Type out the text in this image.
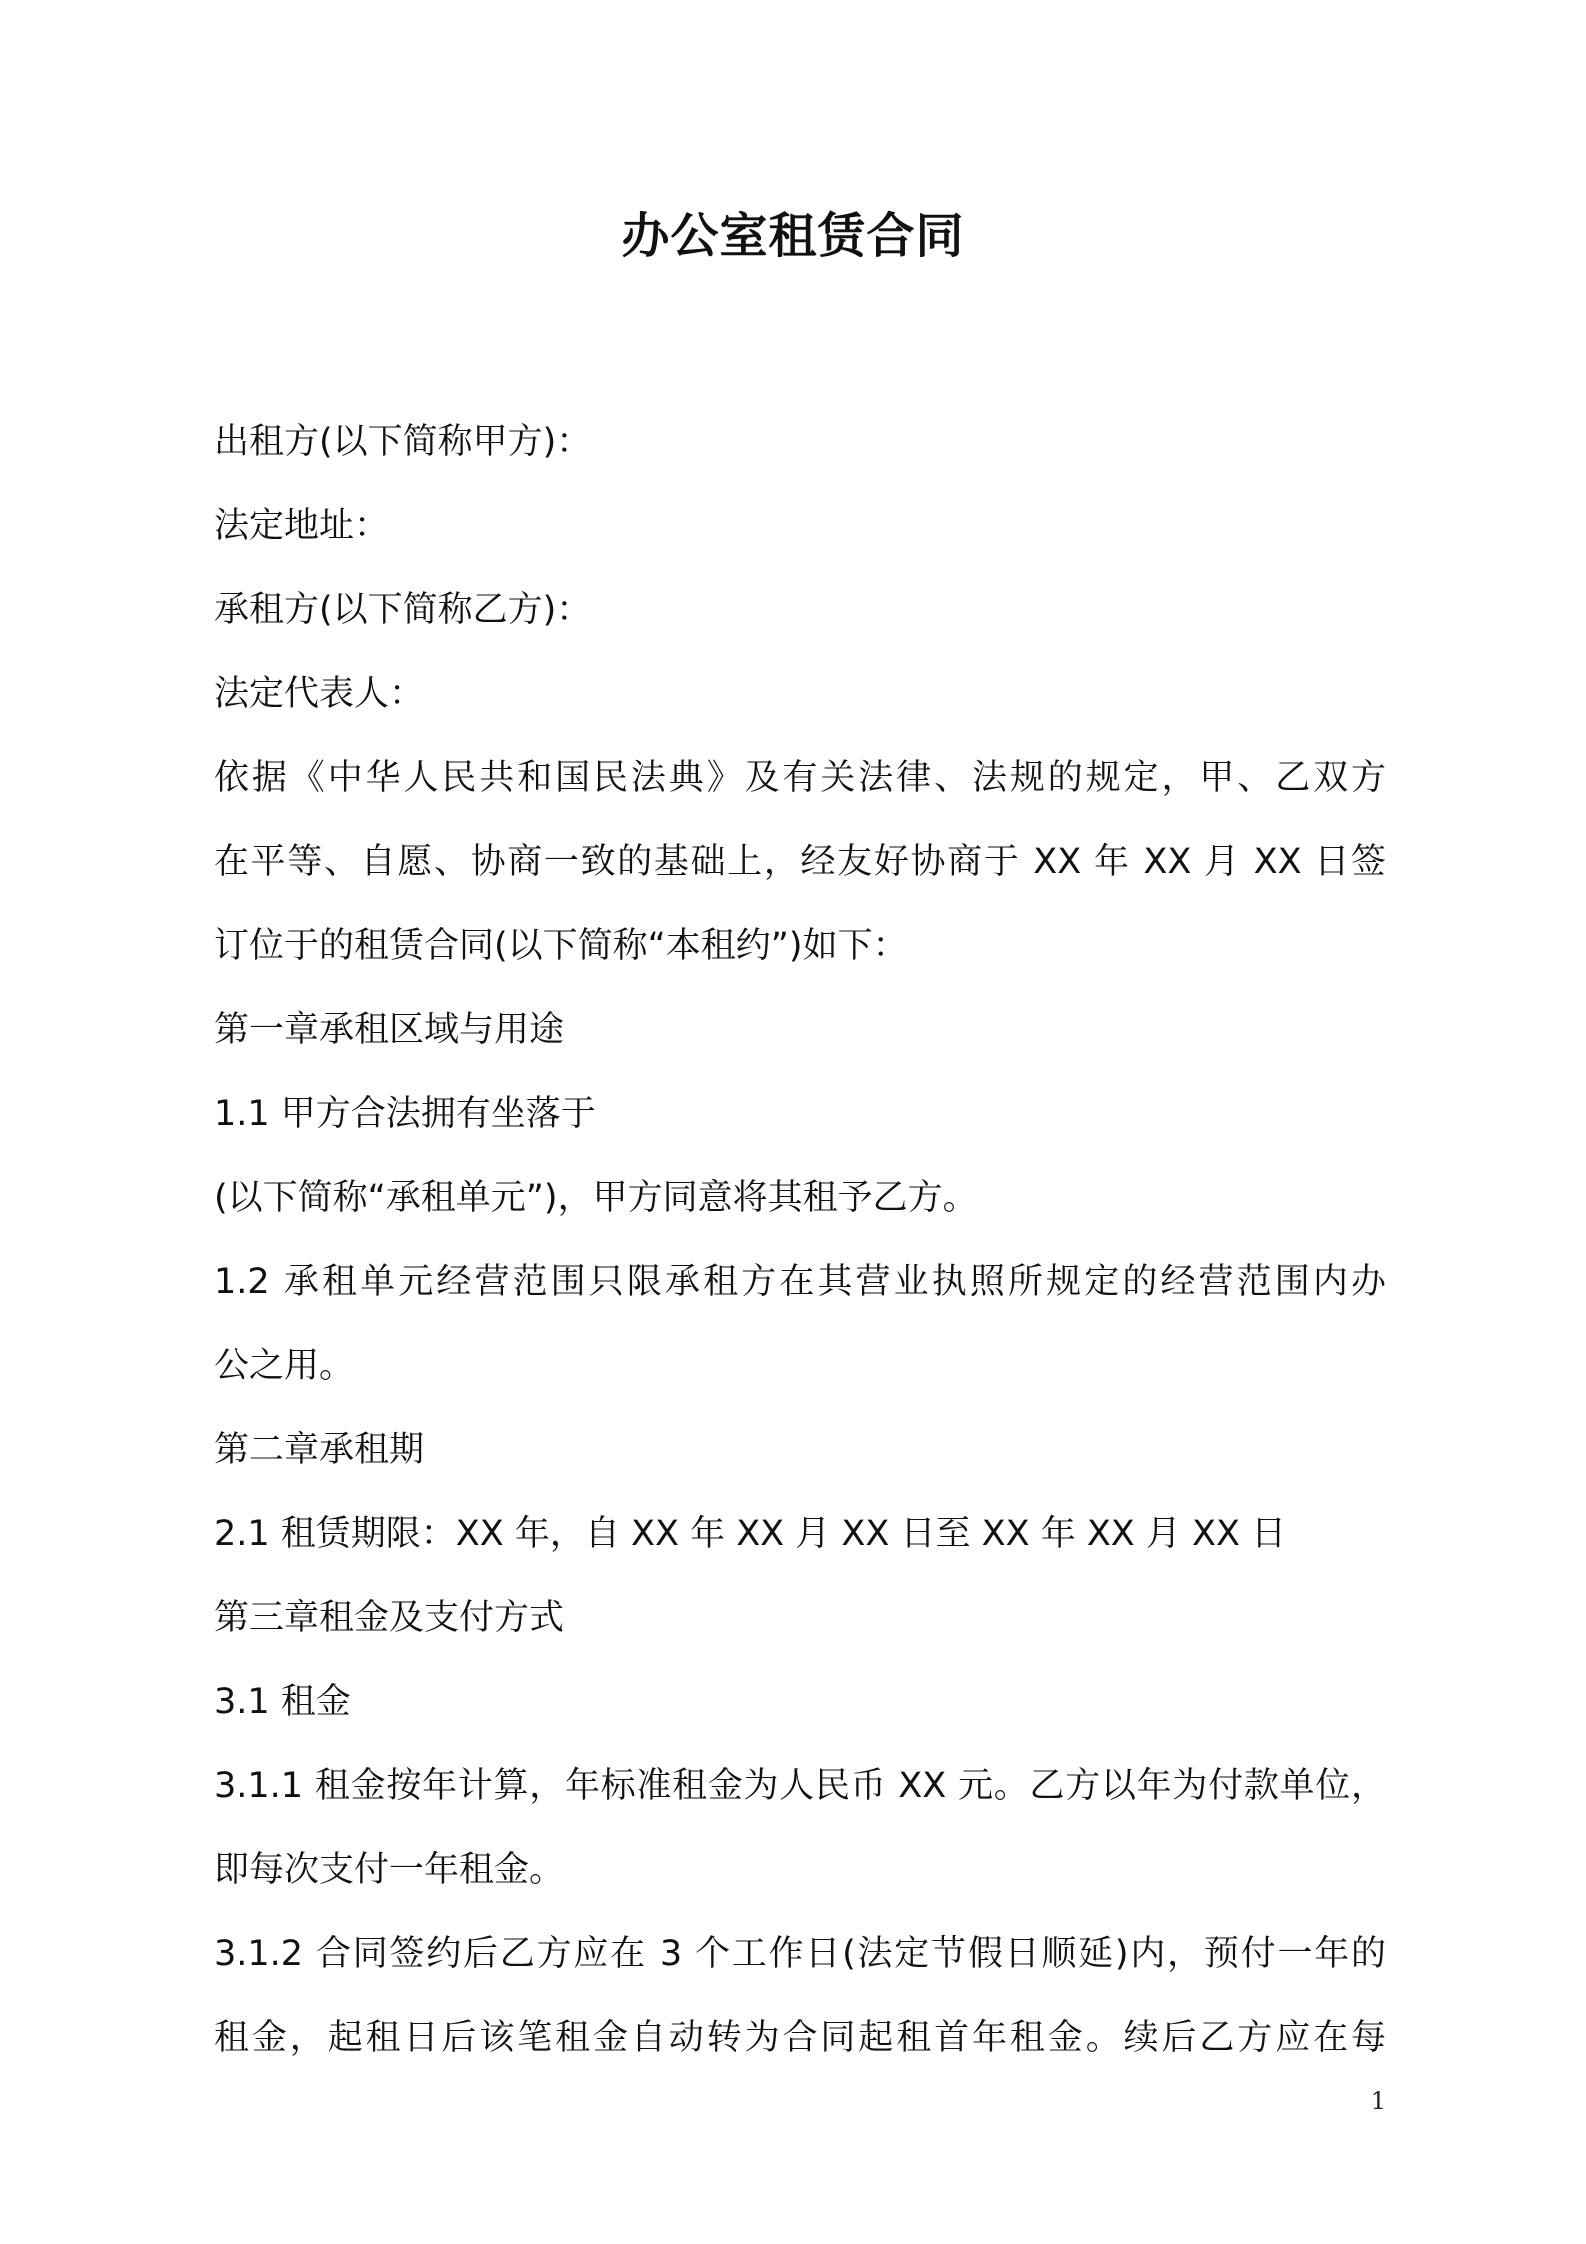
办公室租赁合同
出租方(以下简称甲方)：
法定地址：
承租方(以下简称乙方)：
法定代表人：
依据《中华人民共和国民法典》及有关法律、法规的规定，甲、乙双方
在平等、自愿、协商一致的基础上，经友好协商于 XX 年 XX 月 XX 日签
订位于的租赁合同(以下简称“本租约”)如下：
第一章承租区域与用途
1.1 甲方合法拥有坐落于
(以下简称“承租单元”)，甲方同意将其租予乙方。
1.2 承租单元经营范围只限承租方在其营业执照所规定的经营范围内办
公之用。
第二章承租期
2.1 租赁期限：XX 年，自 XX 年 XX 月 XX 日至 XX 年 XX 月 XX 日
第三章租金及支付方式
3.1 租金
3.1.1 租金按年计算，年标准租金为人民币 XX 元。乙方以年为付款单位，
即每次支付一年租金。
3.1.2 合同签约后乙方应在 3 个工作日(法定节假日顺延)内，预付一年的
租金，起租日后该笔租金自动转为合同起租首年租金。续后乙方应在每
1
